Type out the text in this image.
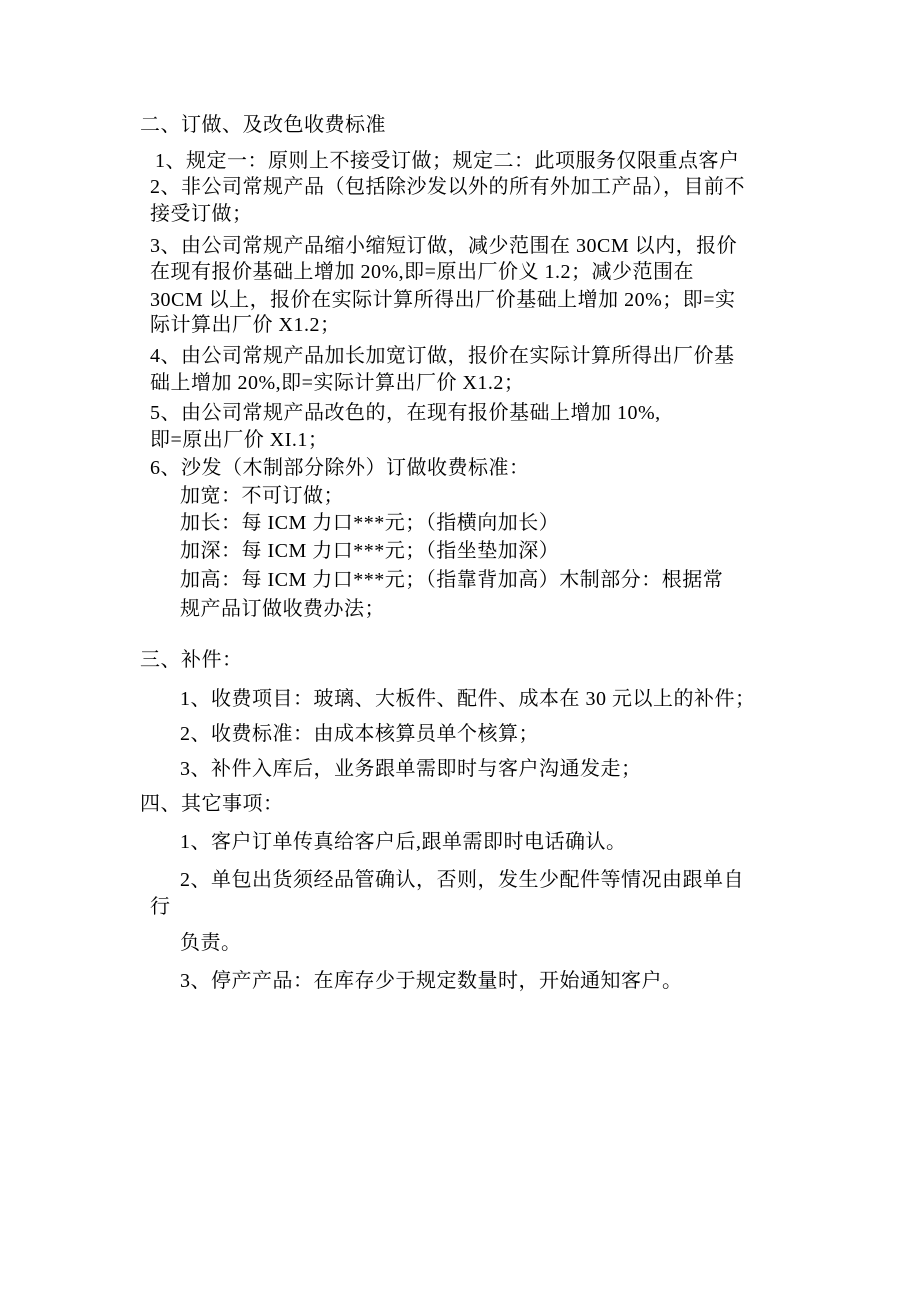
二、订做、及改色收费标准
1、规定一：原则上不接受订做；规定二：此项服务仅限重点客户
2、非公司常规产品（包括除沙发以外的所有外加工产品），目前不
接受订做；
3、由公司常规产品缩小缩短订做，减少范围在 30CM 以内，报价
在现有报价基础上增加 20%,即=原出厂价义 1.2；减少范围在
30CM 以上，报价在实际计算所得出厂价基础上增加 20%；即=实
际计算出厂价 X1.2；
4、由公司常规产品加长加宽订做，报价在实际计算所得出厂价基
础上增加 20%,即=实际计算出厂价 X1.2；
5、由公司常规产品改色的，在现有报价基础上增加 10%,
即=原出厂价 XI.1；
6、沙发（木制部分除外）订做收费标准：
加宽：不可订做；
加长：每 ICM 力口***元；（指横向加长）
加深：每 ICM 力口***元；（指坐垫加深）
加高：每 ICM 力口***元；（指靠背加高）木制部分：根据常
规产品订做收费办法；
三、补件：
1、收费项目：玻璃、大板件、配件、成本在 30 元以上的补件；
2、收费标准：由成本核算员单个核算；
3、补件入库后，业务跟单需即时与客户沟通发走；
四、其它事项：
1、客户订单传真给客户后,跟单需即时电话确认。
2、单包出货须经品管确认，否则，发生少配件等情况由跟单自
行
负责。
3、停产产品：在库存少于规定数量时，开始通知客户。
